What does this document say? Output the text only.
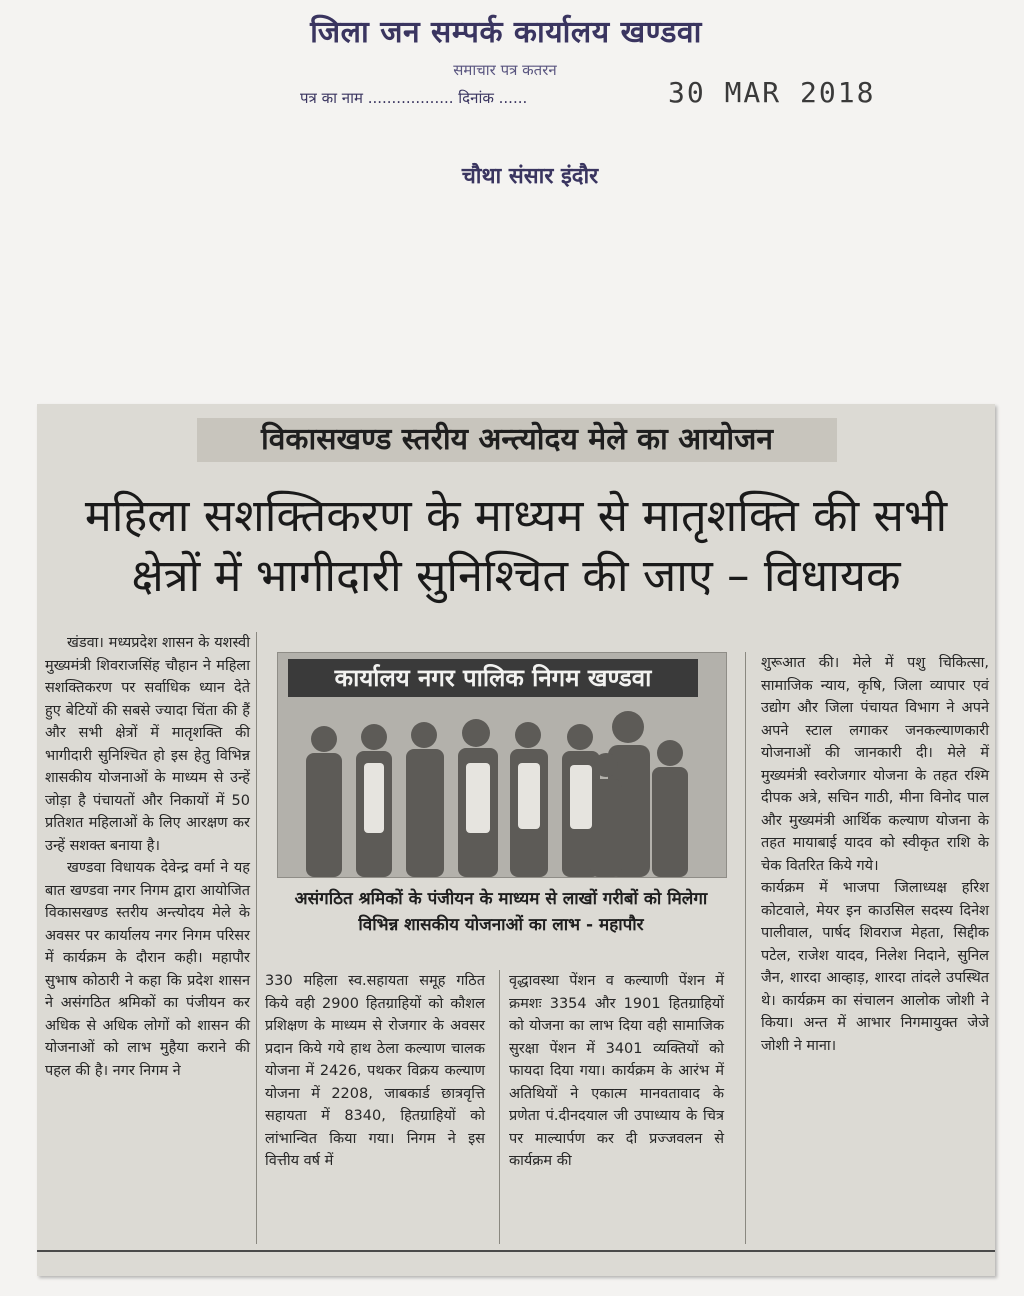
जिला जन सम्पर्क कार्यालय खण्डवा
समाचार पत्र कतरन
पत्र का नाम .................. दिनांक ......	30 MAR 2018
चौथा संसार इंदौर
विकासखण्ड स्तरीय अन्त्योदय मेले का आयोजन
महिला सशक्तिकरण के माध्यम से मातृशक्ति की सभी क्षेत्रों में भागीदारी सुनिश्चित की जाए – विधायक

खंडवा। मध्यप्रदेश शासन के यशस्वी मुख्यमंत्री शिवराजसिंह चौहान ने महिला सशक्तिकरण पर सर्वाधिक ध्यान देते हुए बेटियों की सबसे ज्यादा चिंता की हैं और सभी क्षेत्रों में मातृशक्ति की भागीदारी सुनिश्चित हो इस हेतु विभिन्न शासकीय योजनाओं के माध्यम से उन्हें जोड़ा है पंचायतों और निकायों में 50 प्रतिशत महिलाओं के लिए आरक्षण कर उन्हें सशक्त बनाया है।

खण्डवा विधायक देवेन्द्र वर्मा ने यह बात खण्डवा नगर निगम द्वारा आयोजित विकासखण्ड स्तरीय अन्त्योदय मेले के अवसर पर कार्यालय नगर निगम परिसर में कार्यक्रम के दौरान कही। महापौर सुभाष कोठारी ने कहा कि प्रदेश शासन ने असंगठित श्रमिकों का पंजीयन कर अधिक से अधिक लोगों को शासन की योजनाओं को लाभ मुहैया कराने की पहल की है। नगर निगम ने

कार्यालय नगर पालिक निगम खण्डवा
असंगठित श्रमिकों के पंजीयन के माध्यम से लाखों गरीबों को मिलेगा विभिन्न शासकीय योजनाओं का लाभ - महापौर

330 महिला स्व.सहायता समूह गठित किये वही 2900 हितग्राहियों को कौशल प्रशिक्षण के माध्यम से रोजगार के अवसर प्रदान किये गये हाथ ठेला कल्याण चालक योजना में 2426, पथकर विक्रय कल्याण योजना में 2208, जाबकार्ड छात्रवृत्ति सहायता में 8340, हितग्राहियों को लांभान्वित किया गया। निगम ने इस वित्तीय वर्ष में

वृद्धावस्था पेंशन व कल्याणी पेंशन में क्रमशः 3354 और 1901 हितग्राहियों को योजना का लाभ दिया वही सामाजिक सुरक्षा पेंशन में 3401 व्यक्तियों को फायदा दिया गया। कार्यक्रम के आरंभ में अतिथियों ने एकात्म मानवतावाद के प्रणेता पं.दीनदयाल जी उपाध्याय के चित्र पर माल्यार्पण कर दी प्रज्जवलन से कार्यक्रम की

शुरूआत की। मेले में पशु चिकित्सा, सामाजिक न्याय, कृषि, जिला व्यापार एवं उद्योग और जिला पंचायत विभाग ने अपने अपने स्टाल लगाकर जनकल्याणकारी योजनाओं की जानकारी दी। मेले में मुख्यमंत्री स्वरोजगार योजना के तहत रश्मि दीपक अत्रे, सचिन गाठी, मीना विनोद पाल और मुख्यमंत्री आर्थिक कल्याण योजना के तहत मायाबाई यादव को स्वीकृत राशि के चेक वितरित किये गये।

कार्यक्रम में भाजपा जिलाध्यक्ष हरिश कोटवाले, मेयर इन काउसिल सदस्य दिनेश पालीवाल, पार्षद शिवराज मेहता, सिद्दीक पटेल, राजेश यादव, निलेश निदाने, सुनिल जैन, शारदा आव्हाड़, शारदा तांदले उपस्थित थे। कार्यक्रम का संचालन आलोक जोशी ने किया। अन्त में आभार निगमायुक्त जेजे जोशी ने माना।
